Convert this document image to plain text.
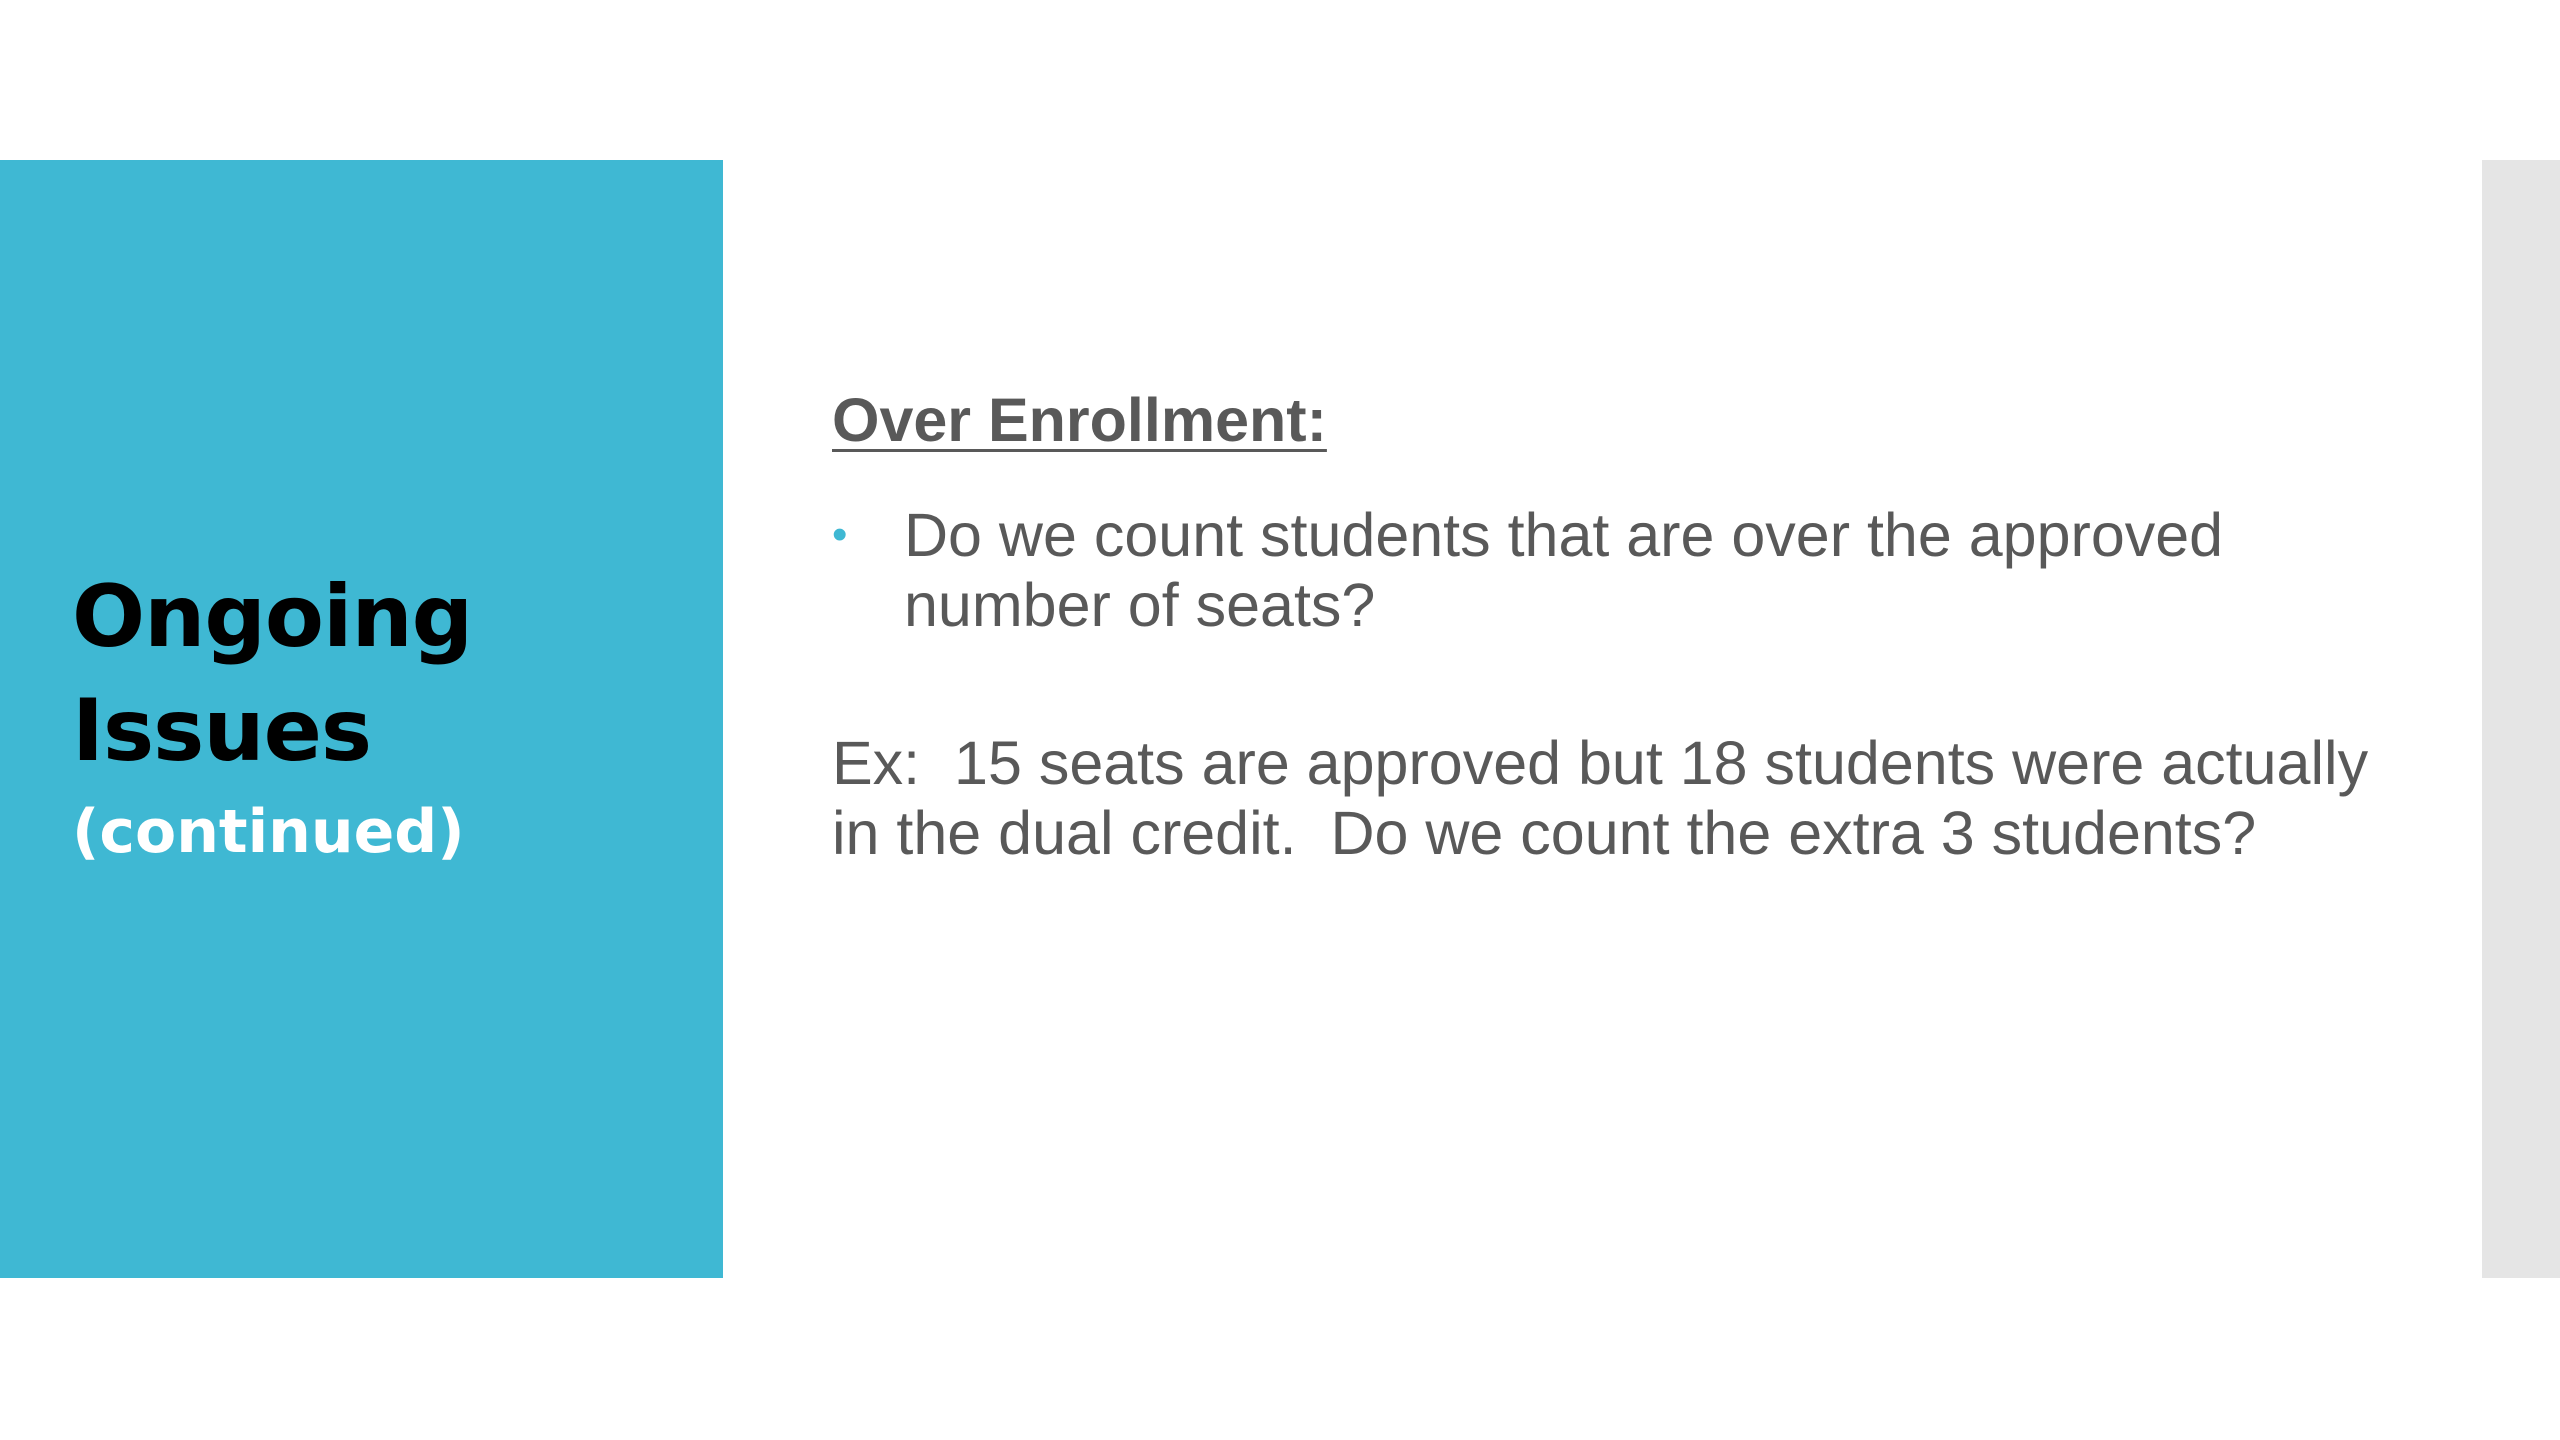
Ongoing
Issues
(continued)
Over Enrollment:
• Do we count students that are over the approved number of seats?
Ex:  15 seats are approved but 18 students were actually in the dual credit.  Do we count the extra 3 students?
